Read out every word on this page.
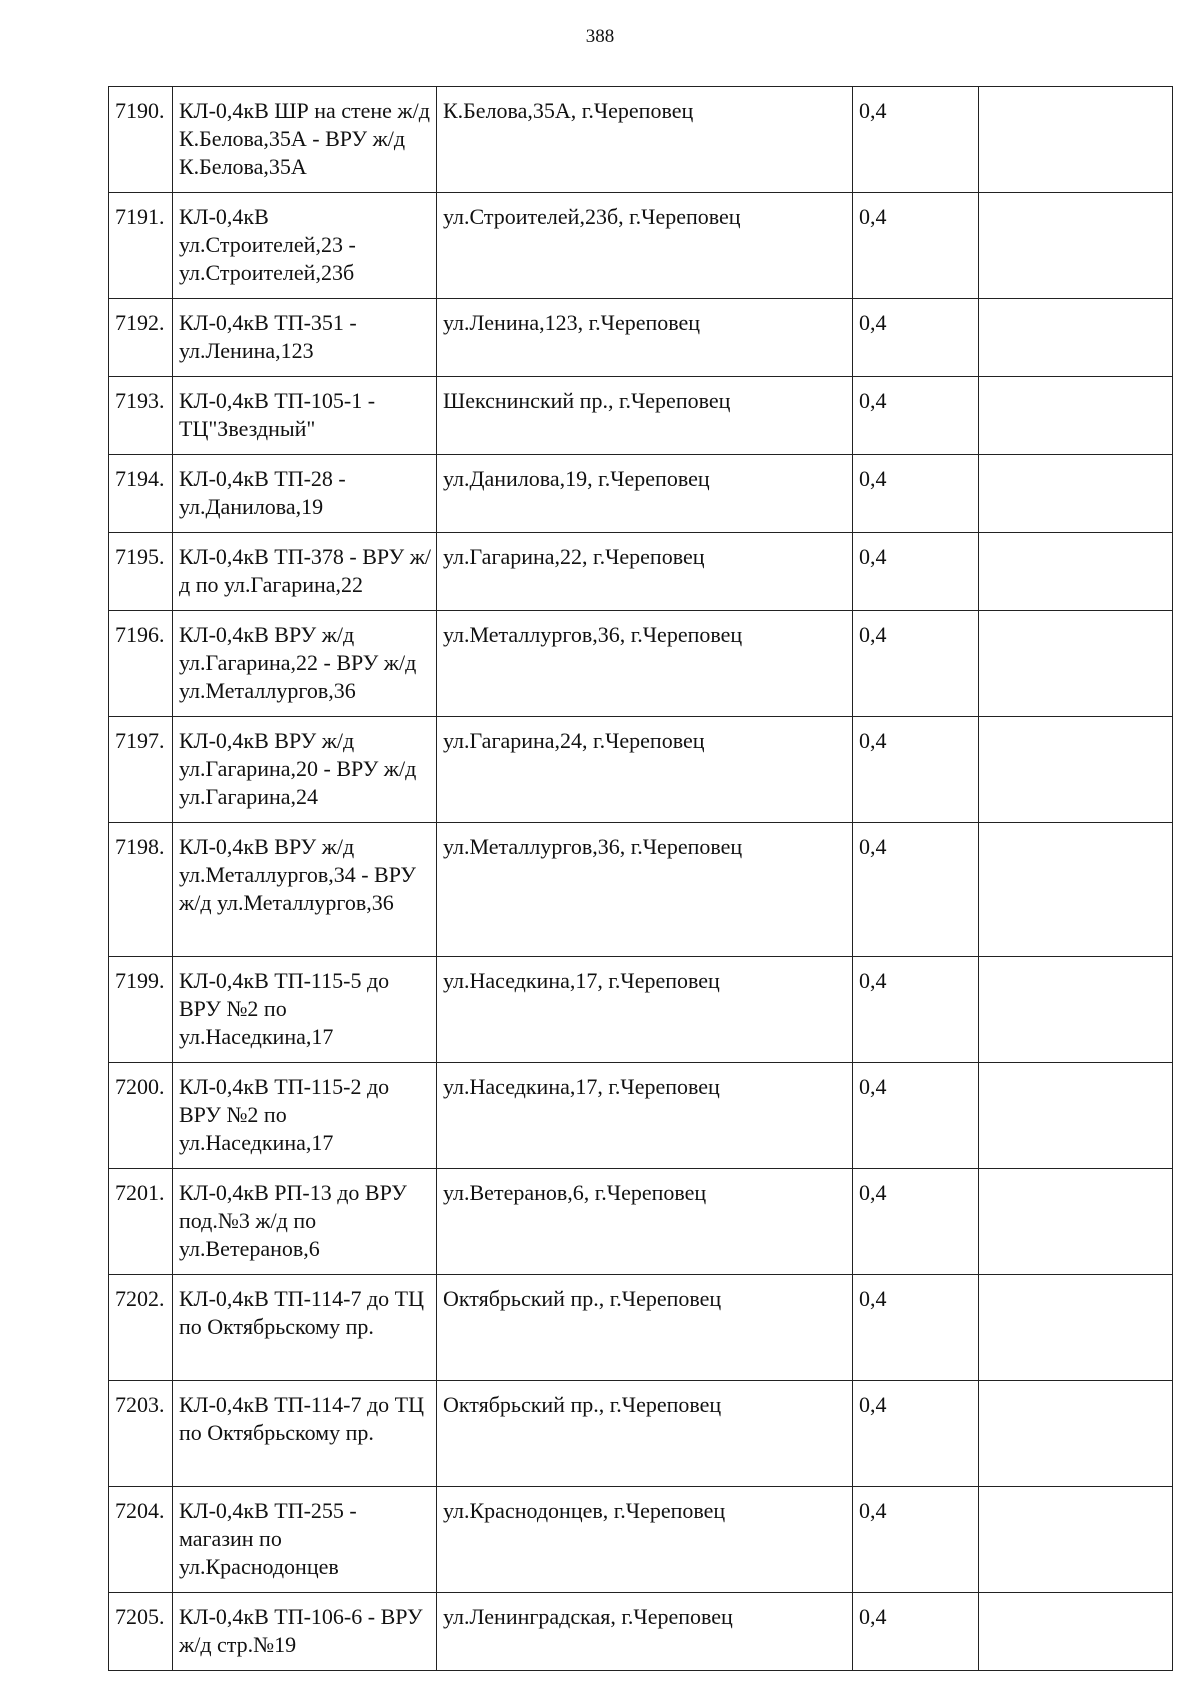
388
7190.	КЛ-0,4кВ ШР на стене ж/д К.Белова,35А - ВРУ ж/д К.Белова,35А	К.Белова,35А, г.Череповец	0,4	
7191.	КЛ-0,4кВ ул.Строителей,23 - ул.Строителей,23б	ул.Строителей,23б, г.Череповец	0,4	
7192.	КЛ-0,4кВ ТП-351 - ул.Ленина,123	ул.Ленина,123, г.Череповец	0,4	
7193.	КЛ-0,4кВ ТП-105-1 - ТЦ"Звездный"	Шекснинский пр., г.Череповец	0,4	
7194.	КЛ-0,4кВ ТП-28 - ул.Данилова,19	ул.Данилова,19, г.Череповец	0,4	
7195.	КЛ-0,4кВ ТП-378 - ВРУ ж/д по ул.Гагарина,22	ул.Гагарина,22, г.Череповец	0,4	
7196.	КЛ-0,4кВ ВРУ ж/д ул.Гагарина,22 - ВРУ ж/д ул.Металлургов,36	ул.Металлургов,36, г.Череповец	0,4	
7197.	КЛ-0,4кВ ВРУ ж/д ул.Гагарина,20 - ВРУ ж/д ул.Гагарина,24	ул.Гагарина,24, г.Череповец	0,4	
7198.	КЛ-0,4кВ ВРУ ж/д ул.Металлургов,34 - ВРУ ж/д ул.Металлургов,36	ул.Металлургов,36, г.Череповец	0,4	
7199.	КЛ-0,4кВ ТП-115-5 до ВРУ №2 по ул.Наседкина,17	ул.Наседкина,17, г.Череповец	0,4	
7200.	КЛ-0,4кВ ТП-115-2 до ВРУ №2 по ул.Наседкина,17	ул.Наседкина,17, г.Череповец	0,4	
7201.	КЛ-0,4кВ РП-13 до ВРУ под.№3 ж/д по ул.Ветеранов,6	ул.Ветеранов,6, г.Череповец	0,4	
7202.	КЛ-0,4кВ ТП-114-7 до ТЦ по Октябрьскому пр.	Октябрьский пр., г.Череповец	0,4	
7203.	КЛ-0,4кВ ТП-114-7 до ТЦ по Октябрьскому пр.	Октябрьский пр., г.Череповец	0,4	
7204.	КЛ-0,4кВ ТП-255 - магазин по ул.Краснодонцев	ул.Краснодонцев, г.Череповец	0,4	
7205.	КЛ-0,4кВ ТП-106-6 - ВРУ ж/д стр.№19	ул.Ленинградская, г.Череповец	0,4	
